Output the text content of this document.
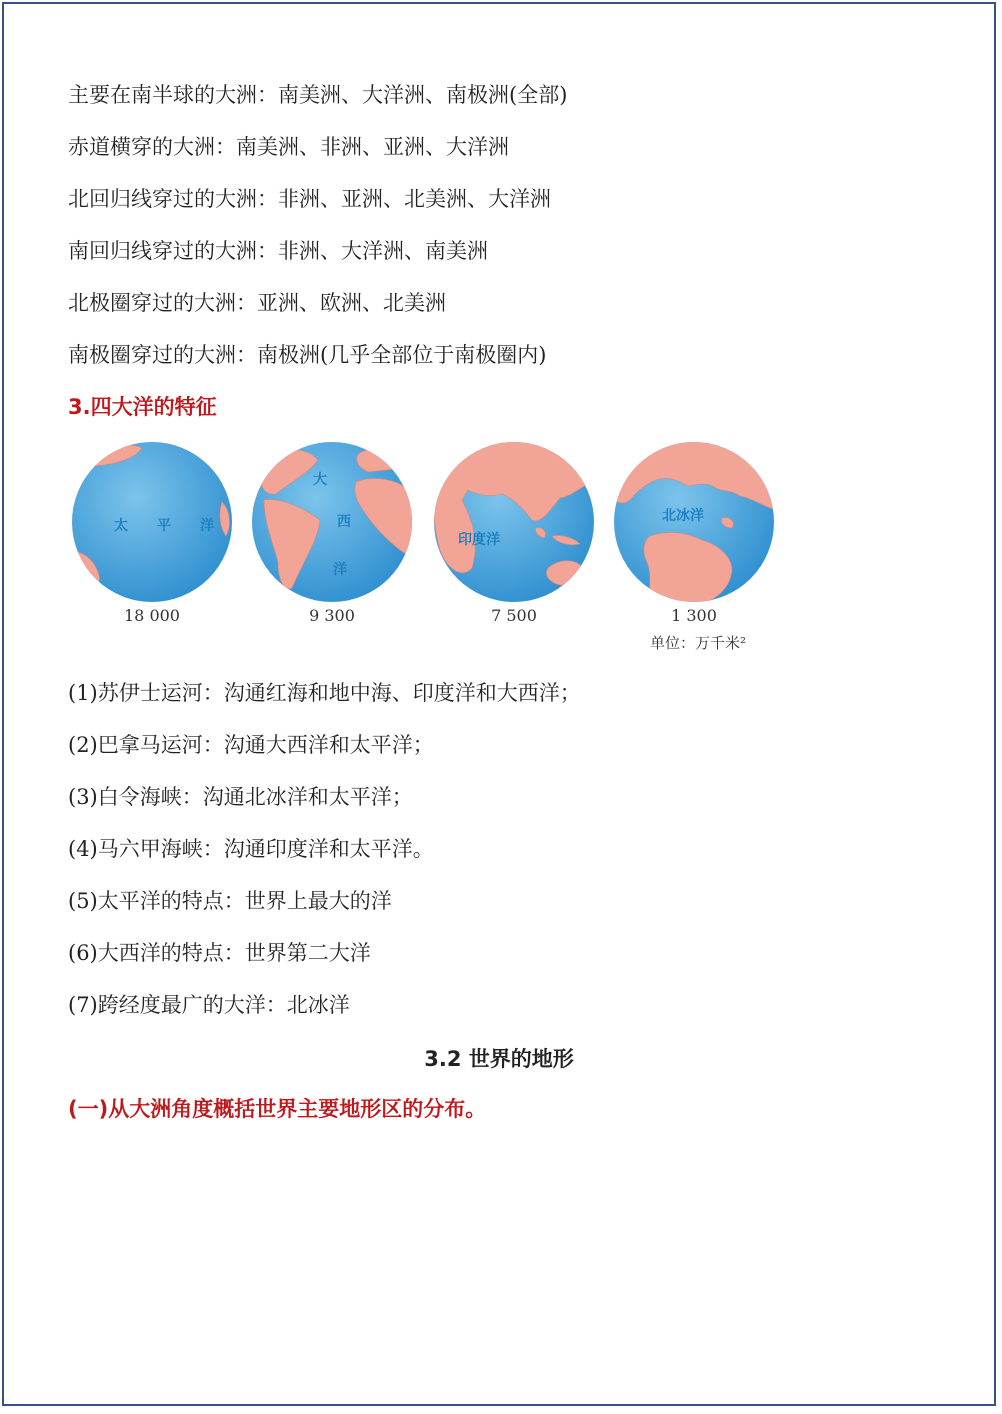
主要在南半球的大洲：南美洲、大洋洲、南极洲(全部)
赤道横穿的大洲：南美洲、非洲、亚洲、大洋洲
北回归线穿过的大洲：非洲、亚洲、北美洲、大洋洲
南回归线穿过的大洲：非洲、大洋洲、南美洲
北极圈穿过的大洲：亚洲、欧洲、北美洲
南极圈穿过的大洲：南极洲(几乎全部位于南极圈内)
3.四大洋的特征
太 平 洋
18 000
大
西
洋
9 300
印度洋
7 500
北冰洋
1 300
单位：万千米²
(1)苏伊士运河：沟通红海和地中海、印度洋和大西洋；
(2)巴拿马运河：沟通大西洋和太平洋；
(3)白令海峡：沟通北冰洋和太平洋；
(4)马六甲海峡：沟通印度洋和太平洋。
(5)太平洋的特点：世界上最大的洋
(6)大西洋的特点：世界第二大洋
(7)跨经度最广的大洋：北冰洋
3.2 世界的地形
(一)从大洲角度概括世界主要地形区的分布。
